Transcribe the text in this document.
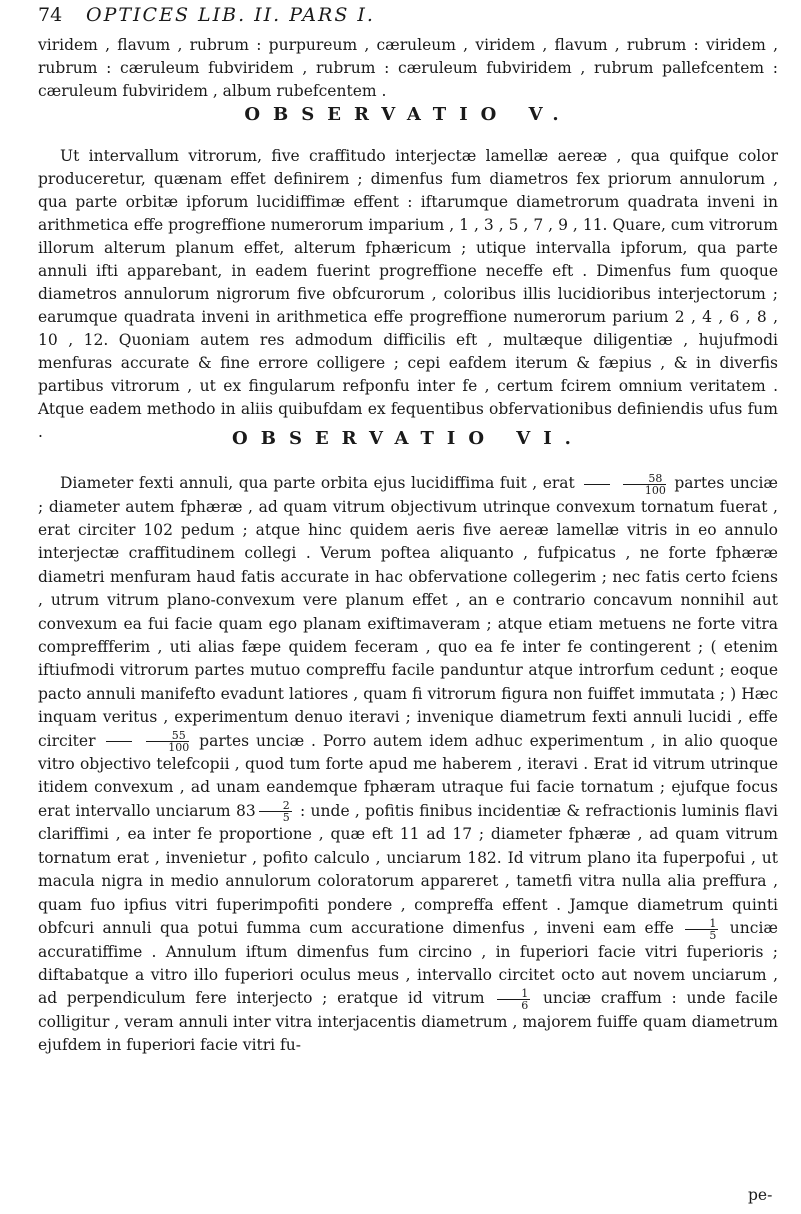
74 OPTICES LIB. II. PARS I.
viridem , flavum , rubrum : purpureum , cæruleum , viridem , flavum , rubrum : viridem , rubrum : cæruleum fubviridem , rubrum : cæruleum fubviridem , rubrum pallefcentem : cæruleum fubviridem , album rubefcentem .
OBSERVATIO V.
Ut intervallum vitrorum, five craffitudo interjectæ lamellæ aereæ , qua quifque color produceretur, quænam effet definirem ; dimenfus fum diametros fex priorum annulorum , qua parte orbitæ ipforum lucidiffimæ effent : iftarumque diametrorum quadrata inveni in arithmetica effe progreffione numerorum imparium , 1 , 3 , 5 , 7 , 9 , 11. Quare, cum vitrorum illorum alterum planum effet, alterum fphæricum ; utique intervalla ipforum, qua parte annuli ifti apparebant, in eadem fuerint progreffione neceffe eft . Dimenfus fum quoque diametros annulorum nigrorum five obfcurorum , coloribus illis lucidioribus interjectorum ; earumque quadrata inveni in arithmetica effe progreffione numerorum parium 2 , 4 , 6 , 8 , 10 , 12. Quoniam autem res admodum difficilis eft , multæque diligentiæ , hujufmodi menfuras accurate & fine errore colligere ; cepi eafdem iterum & fæpius , & in diverfis partibus vitrorum , ut ex fingularum refponfu inter fe , certum fcirem omnium veritatem . Atque eadem methodo in aliis quibufdam ex fequentibus obfervationibus definiendis ufus fum .	OBSERVATIO VI.
Diameter fexti annuli, qua parte orbita ejus lucidiffima fuit , erat	$\frac{58}{100}$ partes unciæ ; diameter autem fphæræ , ad quam vitrum objectivum utrinque convexum tornatum fuerat , erat circiter 102 pedum ; atque hinc quidem aeris five aereæ lamellæ vitris in eo annulo interjectæ craffitudinem collegi . Verum poftea aliquanto , fufpicatus , ne forte fphæræ diametri menfuram haud fatis accurate in hac obfervatione collegerim ; nec fatis certo fciens , utrum vitrum plano-convexum vere planum effet , an e contrario concavum nonnihil aut convexum ea fui facie quam ego planam exiftimaveram ; atque etiam metuens ne forte vitra compreffferim , uti alias fæpe quidem feceram , quo ea fe inter fe contingerent ; ( etenim iftiufmodi vitrorum partes mutuo compreffu facile panduntur atque introrfum cedunt ; eoque pacto annuli manifefto evadunt latiores , quam fi vitrorum figura non fuiffet immutata ; ) Hæc inquam veritus , experimentum denuo iteravi ; invenique diametrum fexti annuli lucidi , effe circiter	$\frac{55}{100}$ partes unciæ . Porro autem idem adhuc experimentum , in alio quoque vitro objectivo telefcopii , quod tum forte apud me haberem , iteravi . Erat id vitrum utrinque itidem convexum , ad unam eandemque fphæram utraque fui facie tornatum ; ejufque focus erat intervallo unciarum $83 \frac{2}{5}$ : unde , pofitis finibus incidentiæ & refractionis luminis flavi clariffimi , ea inter fe proportione , quæ eft 11 ad 17 ; diameter fphæræ , ad quam vitrum tornatum erat , invenietur , pofito calculo , unciarum 182. Id vitrum plano ita fuperpofui , ut macula nigra in medio annulorum coloratorum appareret , tametfi vitra nulla alia preffura , quam fuo ipfius vitri fuperimpofiti pondere , compreffa effent . Jamque diametrum quinti obfcuri annuli qua potui fumma cum accuratione dimenfus , inveni eam effe $\frac{1}{5}$ unciæ accuratiffime . Annulum iftum dimenfus fum circino , in fuperiori facie vitri fuperioris ; diftabatque a vitro illo fuperiori oculus meus , intervallo circitet octo aut novem unciarum , ad perpendiculum fere interjecto ; eratque id vitrum $\frac{1}{6}$ unciæ craffum : unde facile colligitur , veram annuli inter vitra interjacentis diametrum , majorem fuiffe quam diametrum ejufdem in fuperiori facie vitri fu-
pe-
